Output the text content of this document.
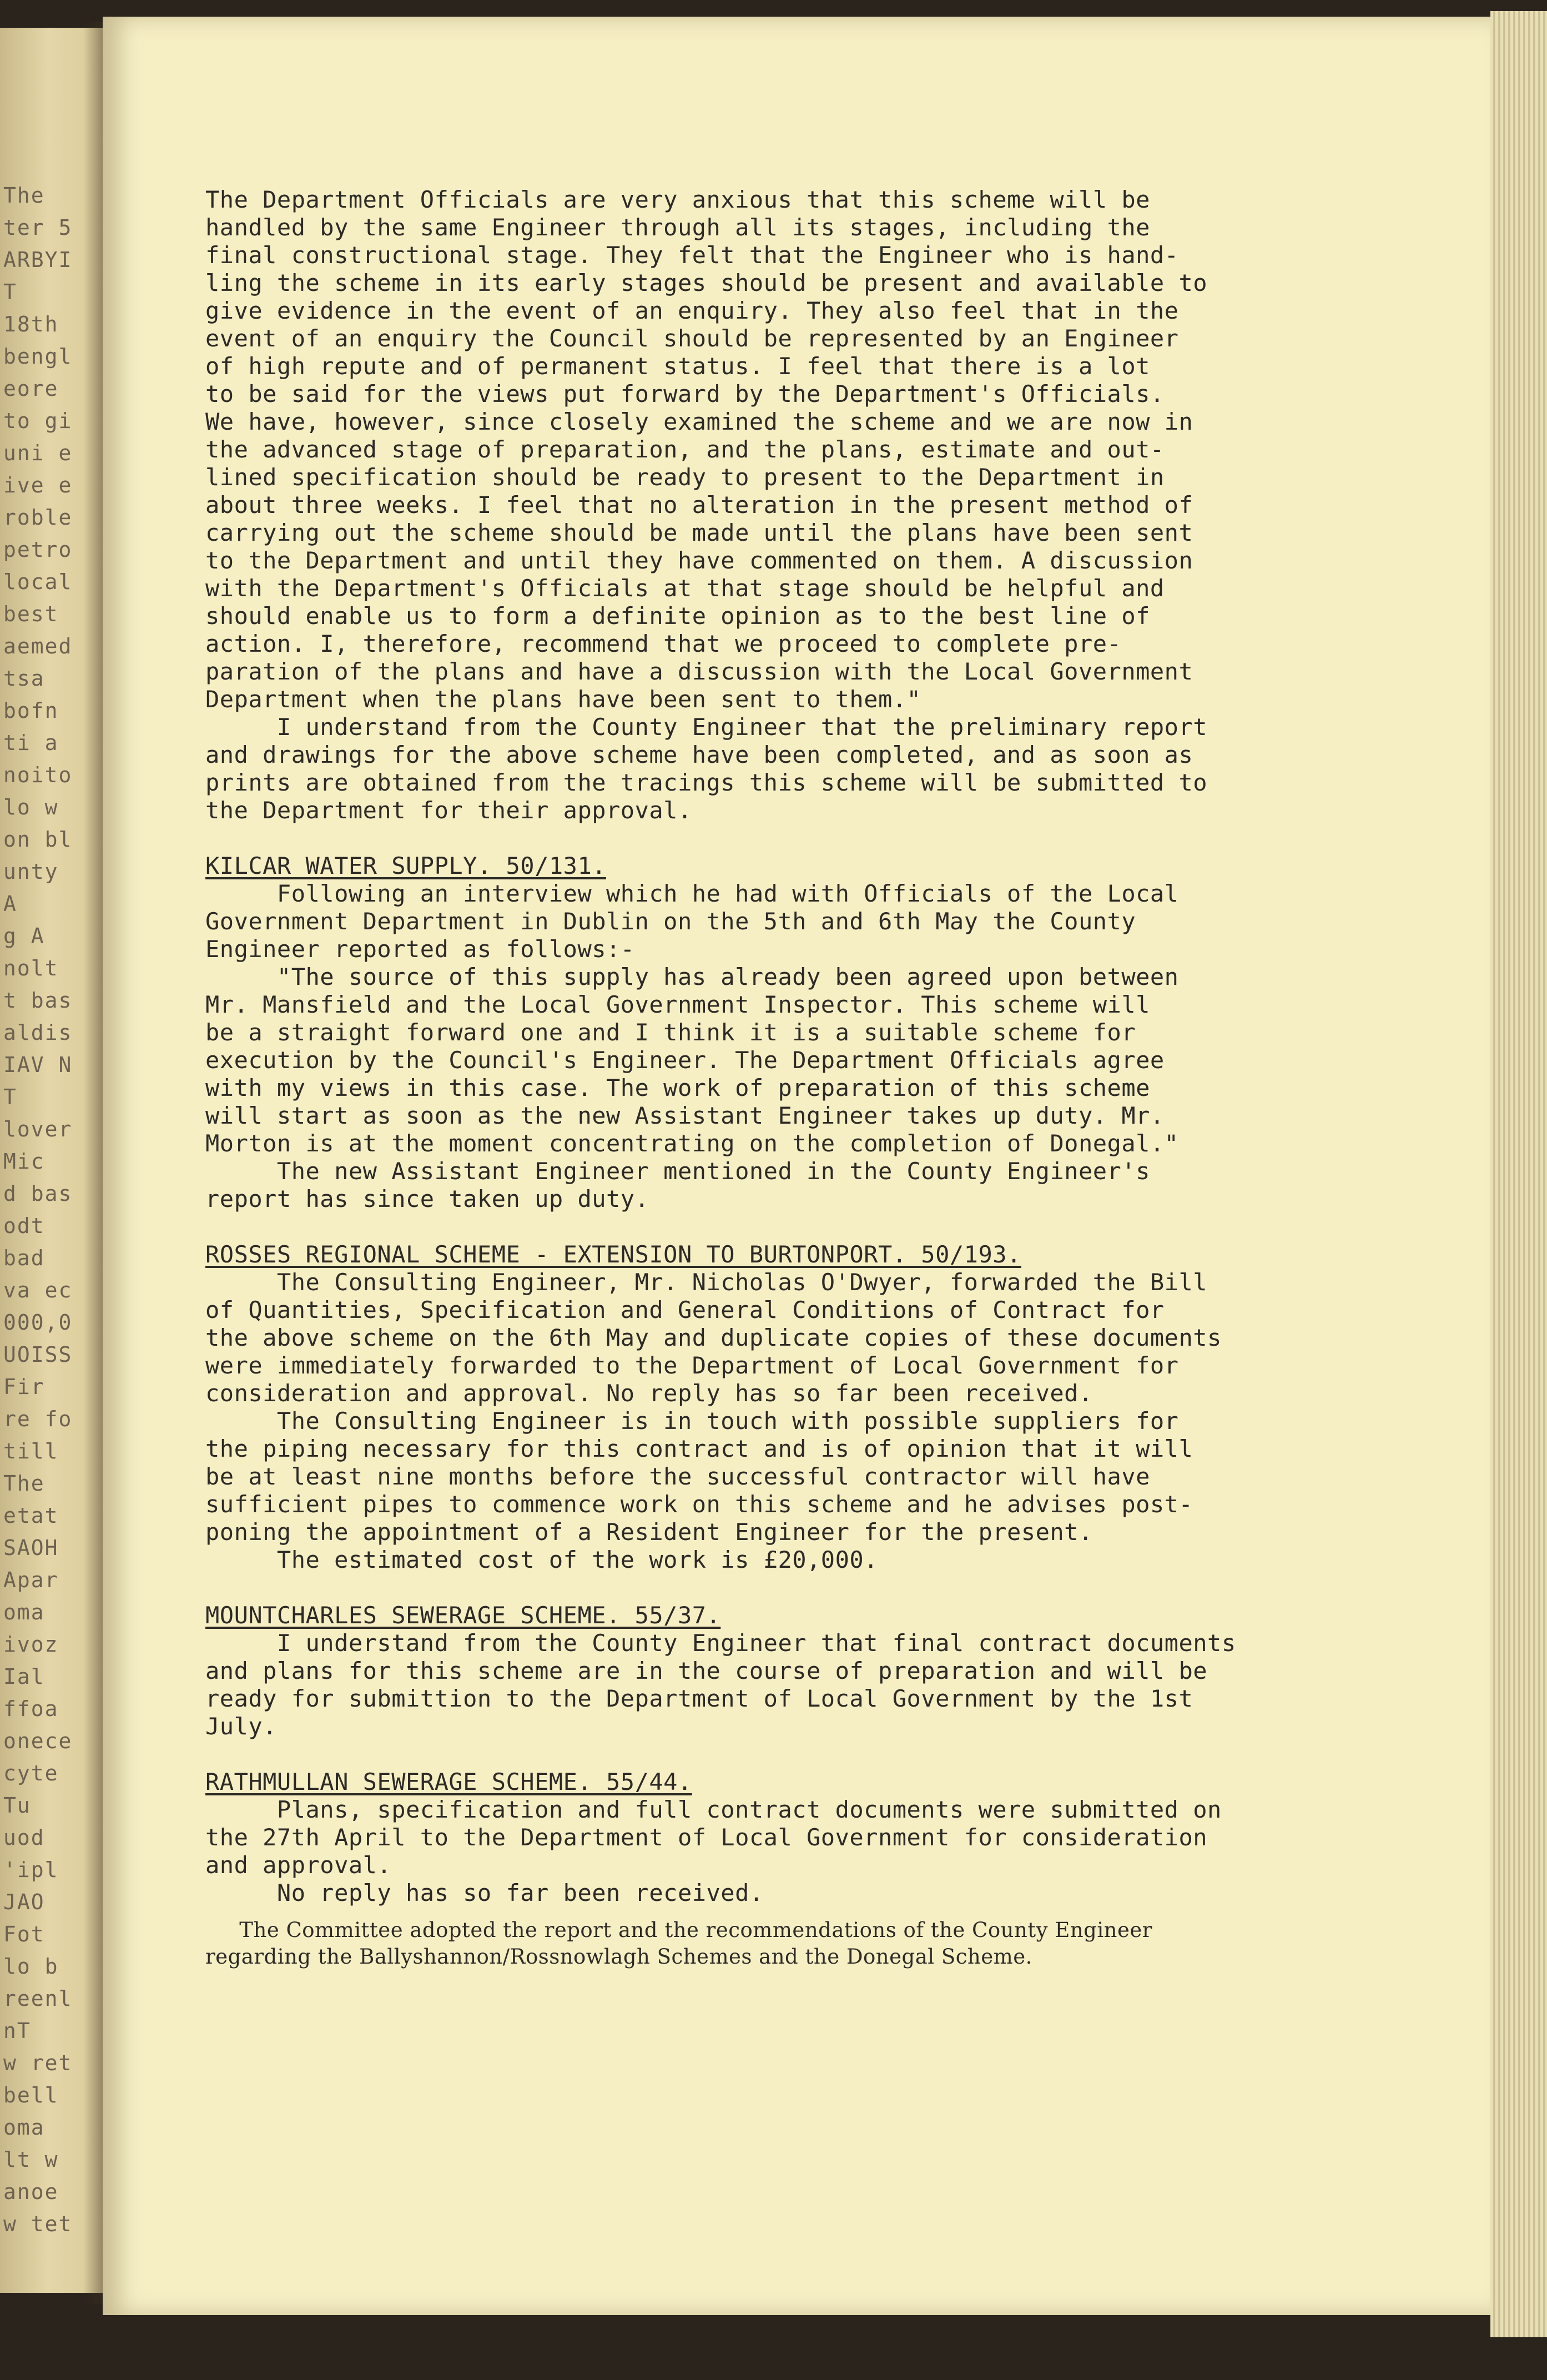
The
ter 5
ARBYI
T
18th
bengl
eore
to gi
uni e
ive e
roble
petro
local
best
aemed
tsa
bofn
ti a
noito
lo w
on bl
unty
A
g A
nolt
t bas
aldis
IAV N
T
lover
Mic
d bas
odt
bad
va ec
000,0
UOISS
Fir
re fo
till
The
etat
SAOH
Apar
oma
ivoz
Ial
ffoa
onece
cyte
Tu
uod
'ipl
JAO
Fot
lo b
reenl
nT
w ret
bell
oma
lt w
anoe
w tet
The Department Officials are very anxious that this scheme will be
handled by the same Engineer through all its stages, including the
final constructional stage. They felt that the Engineer who is hand-
ling the scheme in its early stages should be present and available to
give evidence in the event of an enquiry. They also feel that in the
event of an enquiry the Council should be represented by an Engineer
of high repute and of permanent status. I feel that there is a lot
to be said for the views put forward by the Department's Officials.
We have, however, since closely examined the scheme and we are now in
the advanced stage of preparation, and the plans, estimate and out-
lined specification should be ready to present to the Department in
about three weeks. I feel that no alteration in the present method of
carrying out the scheme should be made until the plans have been sent
to the Department and until they have commented on them. A discussion
with the Department's Officials at that stage should be helpful and
should enable us to form a definite opinion as to the best line of
action. I, therefore, recommend that we proceed to complete pre-
paration of the plans and have a discussion with the Local Government
Department when the plans have been sent to them."
I understand from the County Engineer that the preliminary report
and drawings for the above scheme have been completed, and as soon as
prints are obtained from the tracings this scheme will be submitted to
the Department for their approval.
KILCAR WATER SUPPLY. 50/131.
Following an interview which he had with Officials of the Local
Government Department in Dublin on the 5th and 6th May the County
Engineer reported as follows:-
"The source of this supply has already been agreed upon between
Mr. Mansfield and the Local Government Inspector. This scheme will
be a straight forward one and I think it is a suitable scheme for
execution by the Council's Engineer. The Department Officials agree
with my views in this case. The work of preparation of this scheme
will start as soon as the new Assistant Engineer takes up duty. Mr.
Morton is at the moment concentrating on the completion of Donegal."
The new Assistant Engineer mentioned in the County Engineer's
report has since taken up duty.
ROSSES REGIONAL SCHEME - EXTENSION TO BURTONPORT. 50/193.
The Consulting Engineer, Mr. Nicholas O'Dwyer, forwarded the Bill
of Quantities, Specification and General Conditions of Contract for
the above scheme on the 6th May and duplicate copies of these documents
were immediately forwarded to the Department of Local Government for
consideration and approval. No reply has so far been received.
The Consulting Engineer is in touch with possible suppliers for
the piping necessary for this contract and is of opinion that it will
be at least nine months before the successful contractor will have
sufficient pipes to commence work on this scheme and he advises post-
poning the appointment of a Resident Engineer for the present.
The estimated cost of the work is £20,000.
MOUNTCHARLES SEWERAGE SCHEME. 55/37.
I understand from the County Engineer that final contract documents
and plans for this scheme are in the course of preparation and will be
ready for submittion to the Department of Local Government by the 1st
July.
RATHMULLAN SEWERAGE SCHEME. 55/44.
Plans, specification and full contract documents were submitted on
the 27th April to the Department of Local Government for consideration
and approval.
No reply has so far been received.
The Committee adopted the report and the recommendations of the County Engineer
regarding the Ballyshannon/Rossnowlagh Schemes and the Donegal Scheme.
